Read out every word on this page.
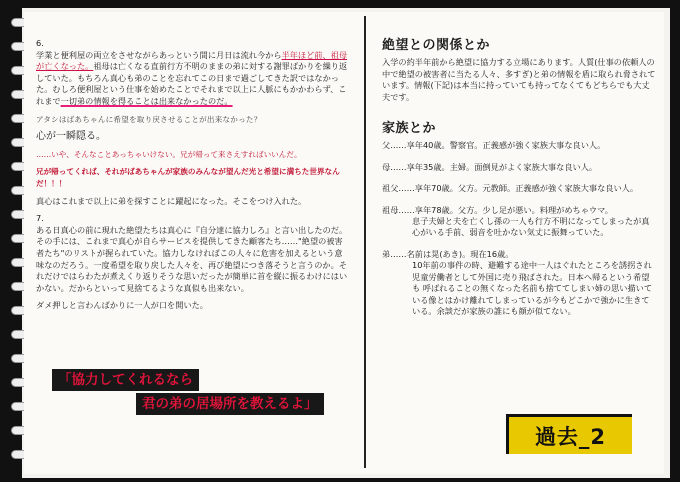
6.

学業と便利屋の両立をさせながらあっという間に月日は流れ今から半年ほど前、祖母が亡くなった。祖母は亡くなる直前行方不明のままの弟に対する謝罪ばかりを繰り返していた。もちろん真心も弟のことを忘れてこの日まで過ごしてきた訳ではなかった。むしろ便利屋という仕事を始めたことでそれまで以上に人脈にもかかわらず、これまで一切弟の情報を得ることは出来なかったのだ。

アタシはばあちゃんに希望を取り戻させることが出来なかった？

心が一瞬隠る。

……いや、そんなことあっちゃいけない。兄が帰って来さえすればいいんだ。

兄が帰ってくれば、それがばあちゃんが家族のみんなが望んだ光と希望に満ちた世界なんだ！！！

真心はこれまで以上に弟を探すことに躍起になった。そこをつけ入れた。

7.

ある日真心の前に現れた絶望たちは真心に『自分達に協力しろ』と言い出したのだ。その手には、これまで真心が自らサービスを提供してきた顧客たち……"絶望の被害者たち"のリストが握られていた。協力しなければこの人々に危害を加えるという意味なのだろう。一度希望を取り戻した人々を、再び絶望につき落そうと言うのか。それだけではらわたが煮えくり返りそうな思いだったが簡単に首を縦に振るわけにはいかない。だからといって見捨てるような真似も出来ない。

ダメ押しと言わんばかりに一人が口を開いた。

「協力してくれるなら
君の弟の居場所を教えるよ」
絶望との関係とか

入学の約半年前から絶望に協力する立場にあります。人質(仕事の依頼人の中で絶望の被害者に当たる人々、多すぎ)と弟の情報を盾に取られ脅されています。情報(下記)は本当に持っていても持ってなくてもどちらでも大丈夫です。

家族とか

父……享年40歳。警察官。正義感が強く家族大事な良い人。

母……享年35歳。主婦。面倒見がよく家族大事な良い人。

祖父……享年70歳。父方。元教師。正義感が強く家族大事な良い人。

祖母……享年78歳。父方。少し足が悪い。料理がめちゃウマ。

息子夫婦と夫を亡くし孫の一人も行方不明になってしまったが真心がいる手前、弱音を吐かない気丈に振舞っていた。

弟……名前は晃(あき)。現在16歳。

10年前の事件の時、避難する途中一人はぐれたところを誘拐され児童労働者として外国に売り飛ばされた。日本へ帰るという希望も 呼ばれることの無くなった名前も捨ててしまい姉の思い描いている像とはかけ離れてしまっているが今もどこかで強かに生きている。余談だが家族の誰にも顔が似てない。

過去_2
